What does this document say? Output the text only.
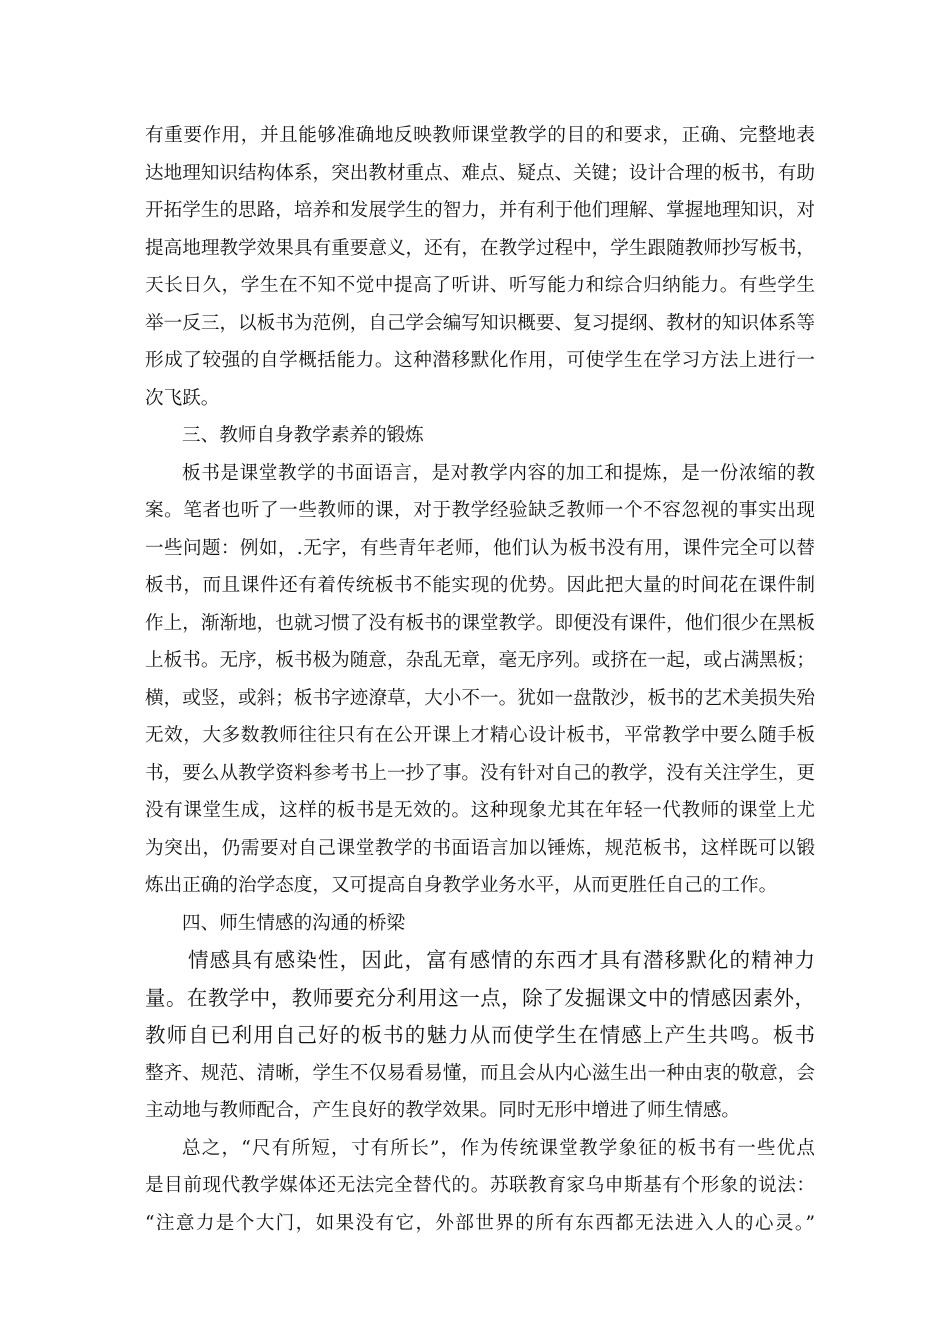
有重要作用，并且能够准确地反映教师课堂教学的目的和要求，正确、完整地表
达地理知识结构体系，突出教材重点、难点、疑点、关键；设计合理的板书，有助
开拓学生的思路，培养和发展学生的智力，并有利于他们理解、掌握地理知识，对
提高地理教学效果具有重要意义，还有，在教学过程中，学生跟随教师抄写板书，
天长日久，学生在不知不觉中提高了听讲、听写能力和综合归纳能力。有些学生
举一反三，以板书为范例，自己学会编写知识概要、复习提纲、教材的知识体系等
形成了较强的自学概括能力。这种潜移默化作用，可使学生在学习方法上进行一
次飞跃。
三、教师自身教学素养的锻炼
板书是课堂教学的书面语言，是对教学内容的加工和提炼，是一份浓缩的教
案。笔者也听了一些教师的课，对于教学经验缺乏教师一个不容忽视的事实出现
一些问题：例如，.无字，有些青年老师，他们认为板书没有用，课件完全可以替
板书，而且课件还有着传统板书不能实现的优势。因此把大量的时间花在课件制
作上，渐渐地，也就习惯了没有板书的课堂教学。即便没有课件，他们很少在黑板
上板书。无序，板书极为随意，杂乱无章，毫无序列。或挤在一起，或占满黑板；
横，或竖，或斜；板书字迹潦草，大小不一。犹如一盘散沙，板书的艺术美损失殆
无效，大多数教师往往只有在公开课上才精心设计板书，平常教学中要么随手板
书，要么从教学资料参考书上一抄了事。没有针对自己的教学，没有关注学生，更
没有课堂生成，这样的板书是无效的。这种现象尤其在年轻一代教师的课堂上尤
为突出，仍需要对自己课堂教学的书面语言加以锤炼，规范板书，这样既可以锻
炼出正确的治学态度，又可提高自身教学业务水平，从而更胜任自己的工作。
四、师生情感的沟通的桥梁
情感具有感染性，因此，富有感情的东西才具有潜移默化的精神力
量。在教学中，教师要充分利用这一点，除了发掘课文中的情感因素外，
教师自已利用自己好的板书的魅力从而使学生在情感上产生共鸣。板书
整齐、规范、清晰，学生不仅易看易懂，而且会从内心滋生出一种由衷的敬意，会
主动地与教师配合，产生良好的教学效果。同时无形中增进了师生情感。
总之，“尺有所短，寸有所长”，作为传统课堂教学象征的板书有一些优点
是目前现代教学媒体还无法完全替代的。苏联教育家乌申斯基有个形象的说法：
“注意力是个大门，如果没有它，外部世界的所有东西都无法进入人的心灵。”
